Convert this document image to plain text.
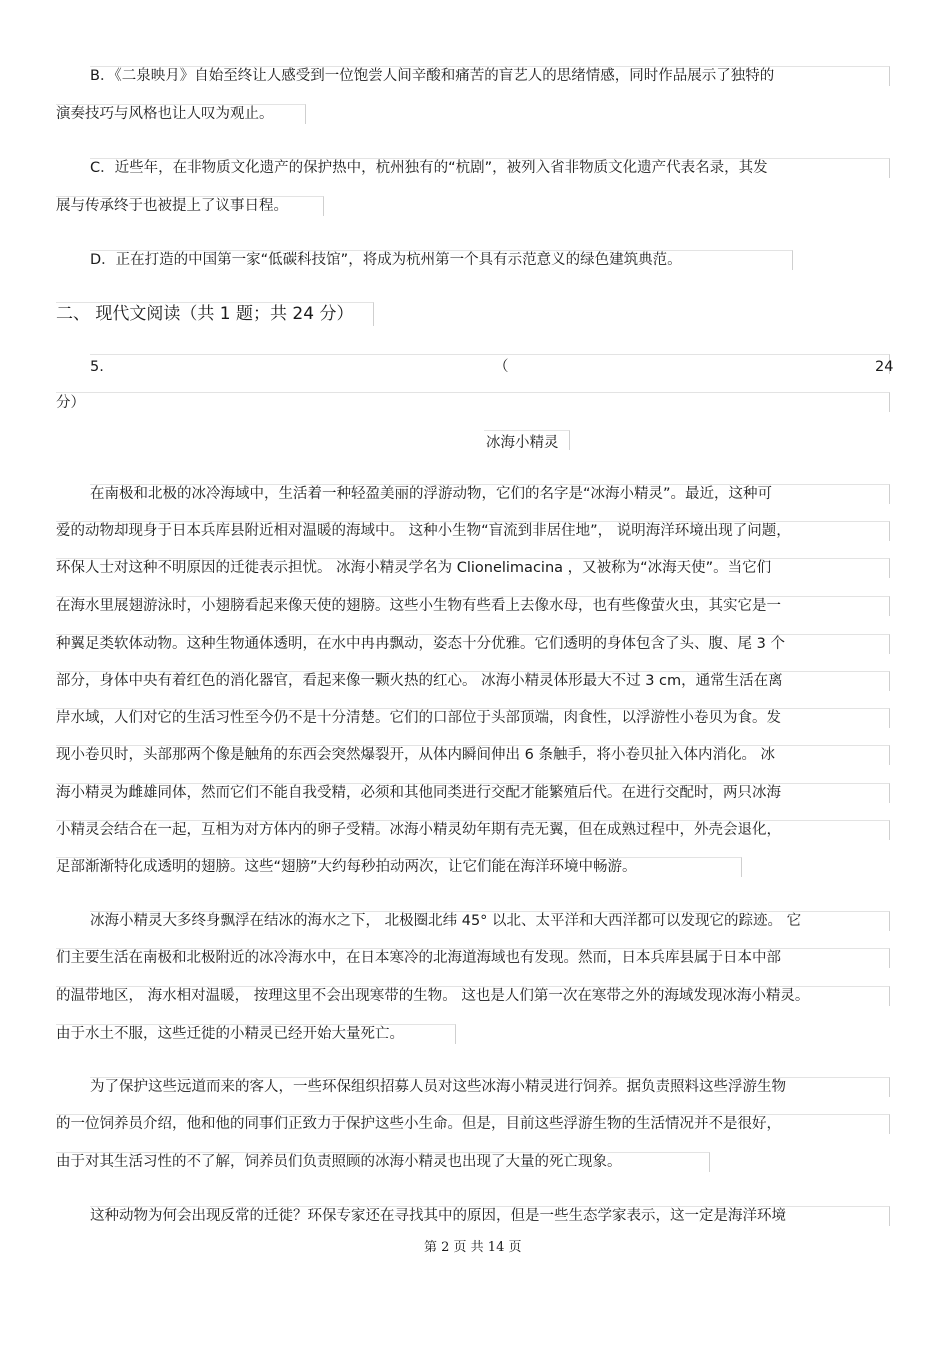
B．《二泉映月》自始至终让人感受到一位饱尝人间辛酸和痛苦的盲艺人的思绪情感，同时作品展示了独特的
演奏技巧与风格也让人叹为观止。
C．近些年，在非物质文化遗产的保护热中，杭州独有的“杭剧”，被列入省非物质文化遗产代表名录，其发
展与传承终于也被提上了议事日程。
D．正在打造的中国第一家“低碳科技馆”，将成为杭州第一个具有示范意义的绿色建筑典范。
二、 现代文阅读（共 1 题；共 24 分）
5.	（	24
分）
冰海小精灵
在南极和北极的冰冷海域中，生活着一种轻盈美丽的浮游动物，它们的名字是“冰海小精灵”。最近，这种可
爱的动物却现身于日本兵库县附近相对温暖的海域中。 这种小生物“盲流到非居住地”， 说明海洋环境出现了问题，
环保人士对这种不明原因的迁徙表示担忧。 冰海小精灵学名为 Clionelimacina ，又被称为“冰海天使”。当它们
在海水里展翅游泳时，小翅膀看起来像天使的翅膀。这些小生物有些看上去像水母，也有些像萤火虫，其实它是一
种翼足类软体动物。这种生物通体透明，在水中冉冉飘动，姿态十分优雅。它们透明的身体包含了头、腹、尾 3 个
部分，身体中央有着红色的消化器官，看起来像一颗火热的红心。 冰海小精灵体形最大不过 3 cm，通常生活在离
岸水域，人们对它的生活习性至今仍不是十分清楚。它们的口部位于头部顶端，肉食性，以浮游性小卷贝为食。发
现小卷贝时，头部那两个像是触角的东西会突然爆裂开，从体内瞬间伸出 6 条触手，将小卷贝扯入体内消化。 冰
海小精灵为雌雄同体，然而它们不能自我受精，必须和其他同类进行交配才能繁殖后代。在进行交配时，两只冰海
小精灵会结合在一起，互相为对方体内的卵子受精。冰海小精灵幼年期有壳无翼，但在成熟过程中，外壳会退化，
足部渐渐特化成透明的翅膀。这些“翅膀”大约每秒拍动两次，让它们能在海洋环境中畅游。
冰海小精灵大多终身飘浮在结冰的海水之下， 北极圈北纬 45° 以北、太平洋和大西洋都可以发现它的踪迹。 它
们主要生活在南极和北极附近的冰冷海水中，在日本寒冷的北海道海域也有发现。然而，日本兵库县属于日本中部
的温带地区， 海水相对温暖， 按理这里不会出现寒带的生物。 这也是人们第一次在寒带之外的海域发现冰海小精灵。
由于水土不服，这些迁徙的小精灵已经开始大量死亡。
为了保护这些远道而来的客人，一些环保组织招募人员对这些冰海小精灵进行饲养。据负责照料这些浮游生物
的一位饲养员介绍，他和他的同事们正致力于保护这些小生命。但是，目前这些浮游生物的生活情况并不是很好，
由于对其生活习性的不了解，饲养员们负责照顾的冰海小精灵也出现了大量的死亡现象。
这种动物为何会出现反常的迁徙？环保专家还在寻找其中的原因，但是一些生态学家表示，这一定是海洋环境
第 2 页 共 14 页
